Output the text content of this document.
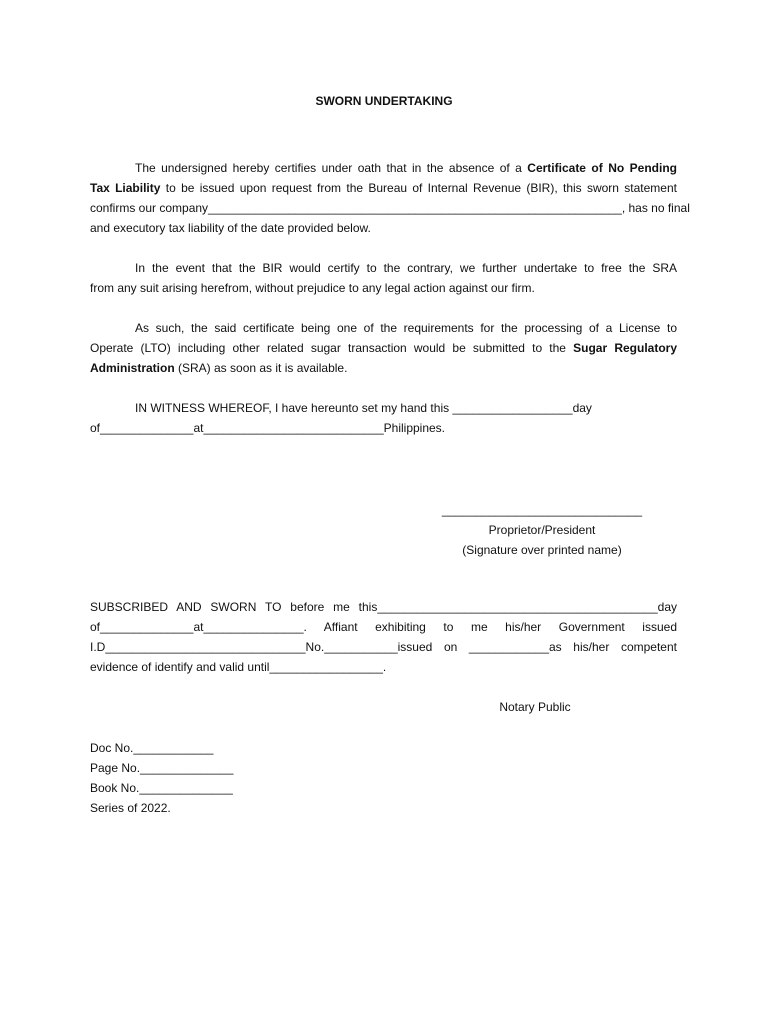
SWORN UNDERTAKING
The undersigned hereby certifies under oath that in the absence of a Certificate of No Pending
Tax Liability to be issued upon request from the Bureau of Internal Revenue (BIR), this sworn statement
confirms our company______________________________________________________________, has no final
and executory tax liability of the date provided below.
In the event that the BIR would certify to the contrary, we further undertake to free the SRA
from any suit arising herefrom, without prejudice to any legal action against our firm.
As such, the said certificate being one of the requirements for the processing of a License to
Operate (LTO) including other related sugar transaction would be submitted to the Sugar Regulatory
Administration (SRA) as soon as it is available.
IN WITNESS WHEREOF, I have hereunto set my hand this __________________day
of______________at___________________________Philippines.
______________________________
Proprietor/President
(Signature over printed name)
SUBSCRIBED AND SWORN TO before me this__________________________________________day
of______________at_______________. Affiant exhibiting to me his/her Government issued
I.D______________________________No.___________issued on ____________as his/her competent
evidence of identify and valid until_________________.
Notary Public
Doc No.____________
Page No.______________
Book No.______________
Series of 2022.
